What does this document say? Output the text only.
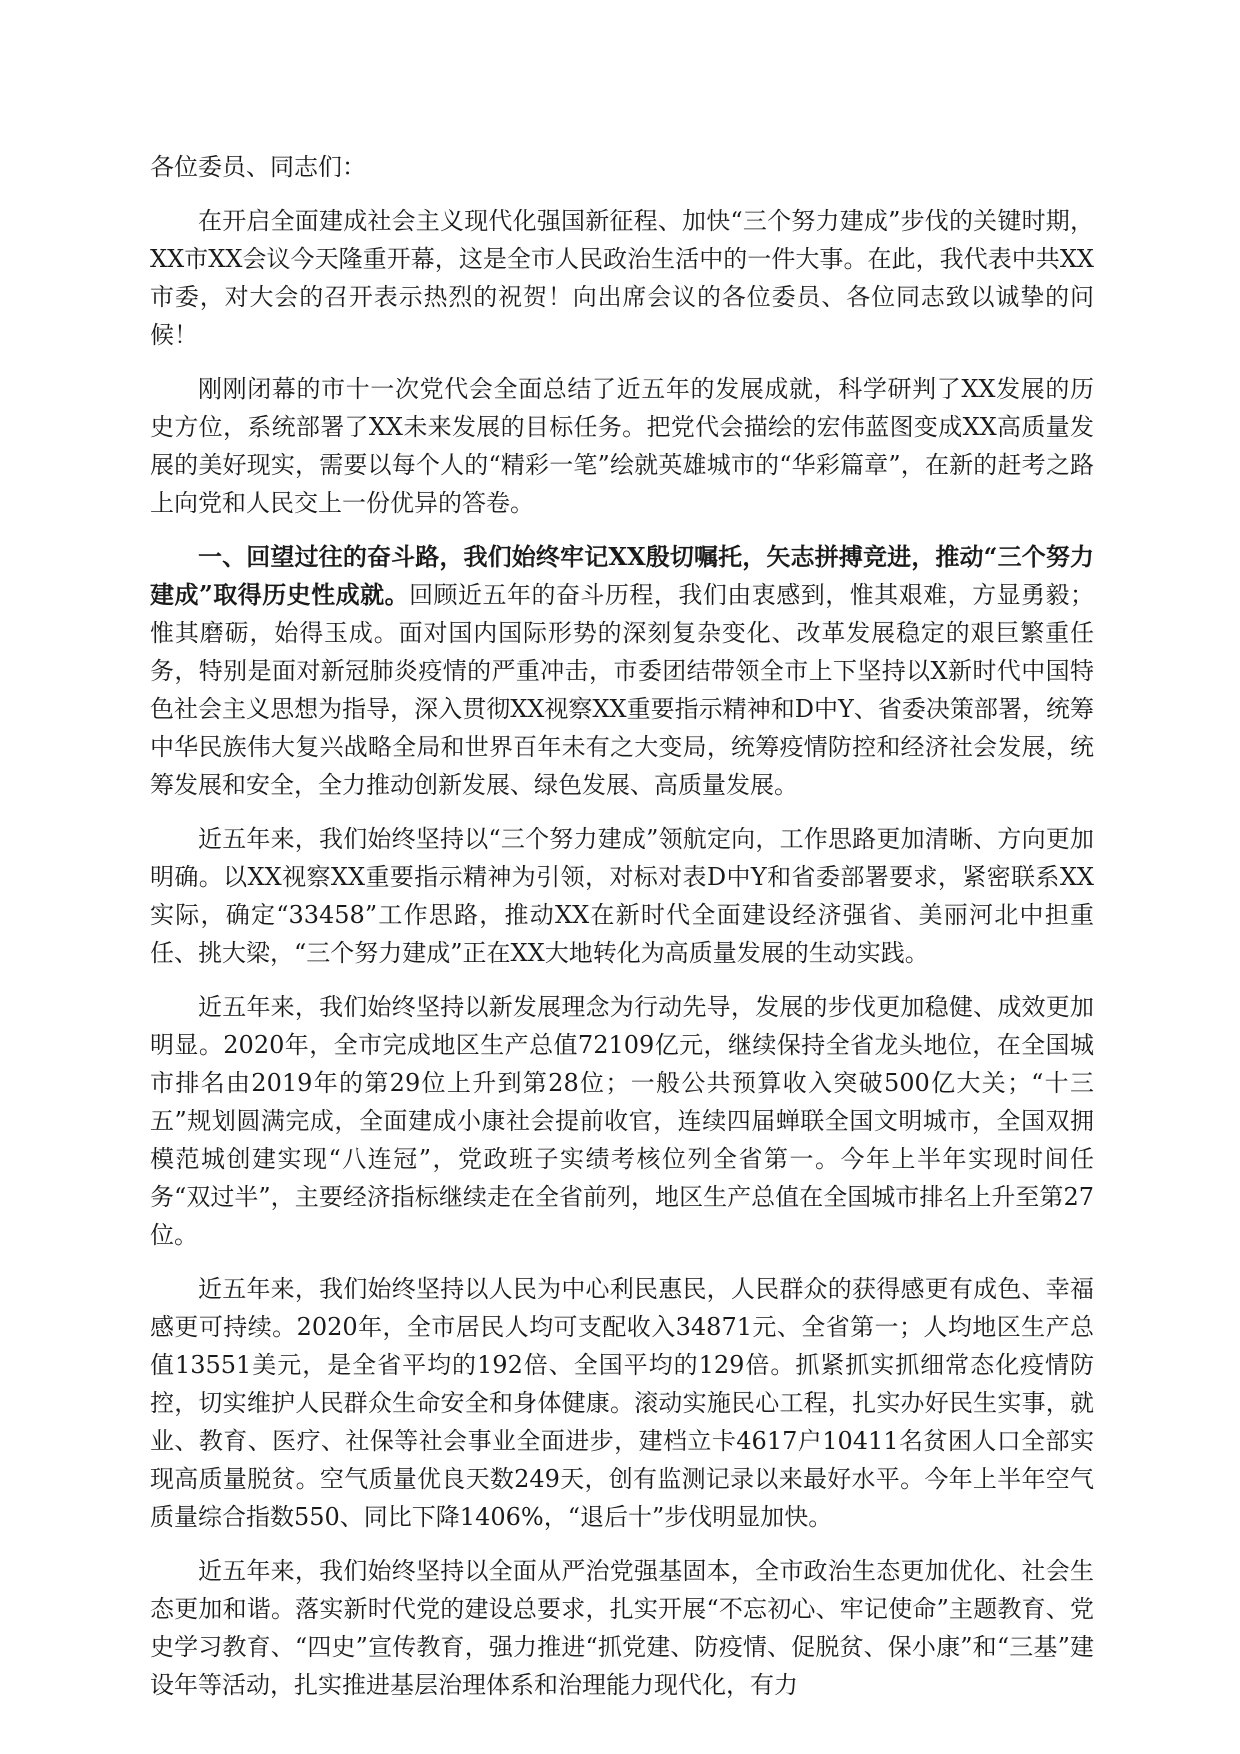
各位委员、同志们：

在开启全面建成社会主义现代化强国新征程、加快“三个努力建成”步伐的关键时期，XX市XX会议今天隆重开幕，这是全市人民政治生活中的一件大事。在此，我代表中共XX市委，对大会的召开表示热烈的祝贺！向出席会议的各位委员、各位同志致以诚挚的问候！

刚刚闭幕的市十一次党代会全面总结了近五年的发展成就，科学研判了XX发展的历史方位，系统部署了XX未来发展的目标任务。把党代会描绘的宏伟蓝图变成XX高质量发展的美好现实，需要以每个人的“精彩一笔”绘就英雄城市的“华彩篇章”，在新的赶考之路上向党和人民交上一份优异的答卷。

一、回望过往的奋斗路，我们始终牢记XX殷切嘱托，矢志拼搏竞进，推动“三个努力建成”取得历史性成就。回顾近五年的奋斗历程，我们由衷感到，惟其艰难，方显勇毅；惟其磨砺，始得玉成。面对国内国际形势的深刻复杂变化、改革发展稳定的艰巨繁重任务，特别是面对新冠肺炎疫情的严重冲击，市委团结带领全市上下坚持以X新时代中国特色社会主义思想为指导，深入贯彻XX视察XX重要指示精神和D中Y、省委决策部署，统筹中华民族伟大复兴战略全局和世界百年未有之大变局，统筹疫情防控和经济社会发展，统筹发展和安全，全力推动创新发展、绿色发展、高质量发展。

近五年来，我们始终坚持以“三个努力建成”领航定向，工作思路更加清晰、方向更加明确。以XX视察XX重要指示精神为引领，对标对表D中Y和省委部署要求，紧密联系XX实际，确定“33458”工作思路，推动XX在新时代全面建设经济强省、美丽河北中担重任、挑大梁，“三个努力建成”正在XX大地转化为高质量发展的生动实践。

近五年来，我们始终坚持以新发展理念为行动先导，发展的步伐更加稳健、成效更加明显。2020年，全市完成地区生产总值72109亿元，继续保持全省龙头地位，在全国城市排名由2019年的第29位上升到第28位；一般公共预算收入突破500亿大关；“十三五”规划圆满完成，全面建成小康社会提前收官，连续四届蝉联全国文明城市，全国双拥模范城创建实现“八连冠”，党政班子实绩考核位列全省第一。今年上半年实现时间任务“双过半”，主要经济指标继续走在全省前列，地区生产总值在全国城市排名上升至第27位。

近五年来，我们始终坚持以人民为中心利民惠民，人民群众的获得感更有成色、幸福感更可持续。2020年，全市居民人均可支配收入34871元、全省第一；人均地区生产总值13551美元，是全省平均的192倍、全国平均的129倍。抓紧抓实抓细常态化疫情防控，切实维护人民群众生命安全和身体健康。滚动实施民心工程，扎实办好民生实事，就业、教育、医疗、社保等社会事业全面进步，建档立卡4617户10411名贫困人口全部实现高质量脱贫。空气质量优良天数249天，创有监测记录以来最好水平。今年上半年空气质量综合指数550、同比下降1406%，“退后十”步伐明显加快。

近五年来，我们始终坚持以全面从严治党强基固本，全市政治生态更加优化、社会生态更加和谐。落实新时代党的建设总要求，扎实开展“不忘初心、牢记使命”主题教育、党史学习教育、“四史”宣传教育，强力推进“抓党建、防疫情、促脱贫、保小康”和“三基”建设年等活动，扎实推进基层治理体系和治理能力现代化，有力
